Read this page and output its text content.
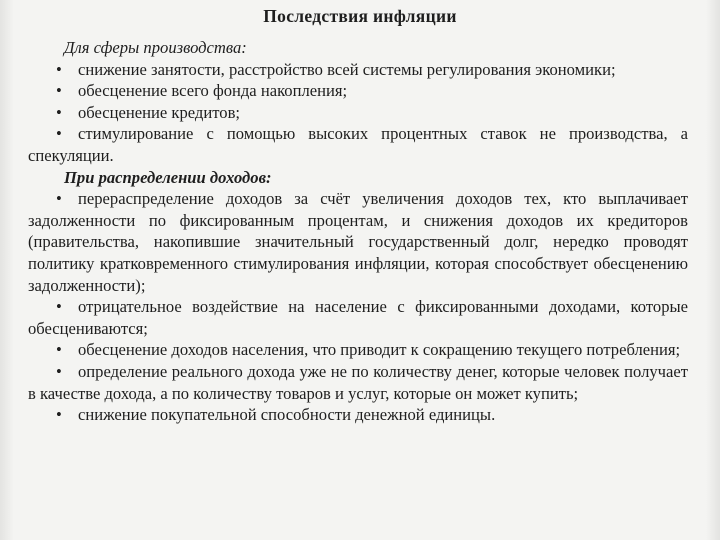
Последствия инфляции

Для сферы производства:

• снижение занятости, расстройство всей системы регулирования экономики;

• обесценение всего фонда накопления;

• обесценение кредитов;

• стимулирование с помощью высоких процентных ставок не производства, а спекуляции.

При распределении доходов:

• перераспределение доходов за счёт увеличения доходов тех, кто выплачивает задолженности по фиксированным процентам, и снижения доходов их кредиторов (правительства, накопившие значительный государственный долг, нередко проводят политику кратковременного стимулирования инфляции, которая способствует обесценению задолженности);

• отрицательное воздействие на население с фиксированными доходами, которые обесцениваются;

• обесценение доходов населения, что приводит к сокращению текущего потребления;

• определение реального дохода уже не по количеству денег, которые человек получает в качестве дохода, а по количеству товаров и услуг, которые он может купить;

• снижение покупательной способности денежной единицы.
